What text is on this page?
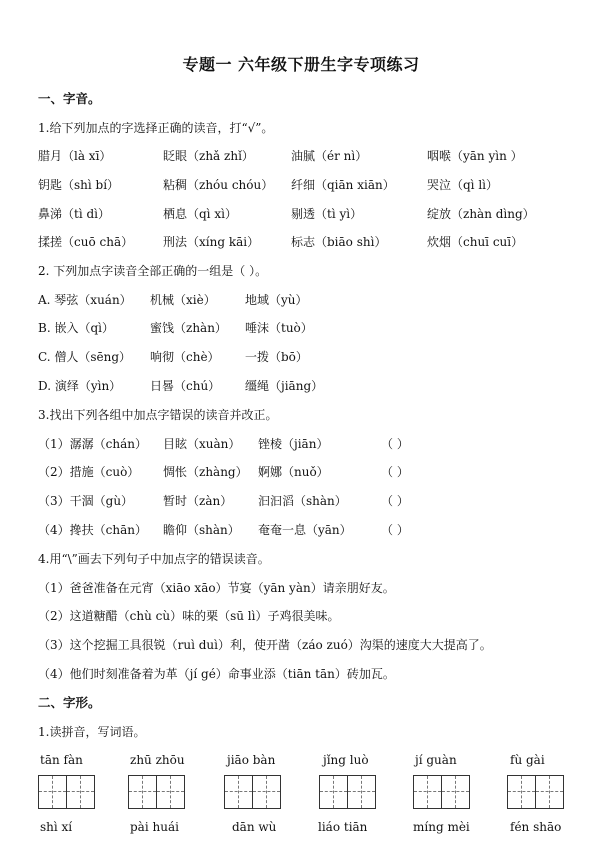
专题一 六年级下册生字专项练习
一、字音。
1.给下列加点的字选择正确的读音，打“√”。
腊月（là xī）	眨眼（zhǎ zhǐ）	油腻（ér nì）	咽喉（yān yìn ）
钥匙（shì bí）	粘稠（zhóu chóu） 纤细（qiān xiān）	哭泣（qì lì）
鼻涕（tì dì）	栖息（qì xì）	剔透（tì yì）	绽放（zhàn dìng）
揉搓（cuō chā） 刑法（xíng kāi）	标志（biāo shì）	炊烟（chuī cuī）
2. 下列加点字读音全部正确的一组是（ ）。
A. 琴弦（xuán） 机械（xiè） 地域（yù）
B. 嵌入（qì）	蜜饯（zhàn） 唾沫（tuò）
C. 僧人（sēng） 响彻（chè） 一拨（bō）
D. 演绎（yìn） 日晷（chú） 缰绳（jiāng）
3.找出下列各组中加点字错误的读音并改正。
（1）潺潺（chán） 目眩（xuàn） 锉棱（jiān）	（ ）
（2）措施（cuò） 惆怅（zhàng） 婀娜（nuǒ）	（ ）
（3）干涸（gù） 暂时（zàn） 汩汩滔（shàn）	（ ）
（4）搀扶（chān） 瞻仰（shàn） 奄奄一息（yān） （ ）
4.用“\”画去下列句子中加点字的错误读音。
（1）爸爸准备在元宵（xiāo xāo）节宴（yān yàn）请亲朋好友。
（2）这道糖醋（chù cù）味的栗（sū lì）子鸡很美味。
（3）这个挖掘工具很锐（ruì duì）利，使开凿（záo zuó）沟渠的速度大大提高了。
（4）他们时刻准备着为革（jí gé）命事业添（tiān tān）砖加瓦。
二、字形。
1.读拼音，写词语。
tān fàn	zhū zhōu	jiāo bàn	jǐng luò	jí guàn	fù gài
shì xí	pài huái	dān wù	liáo tiān	míng mèi	fén shāo
